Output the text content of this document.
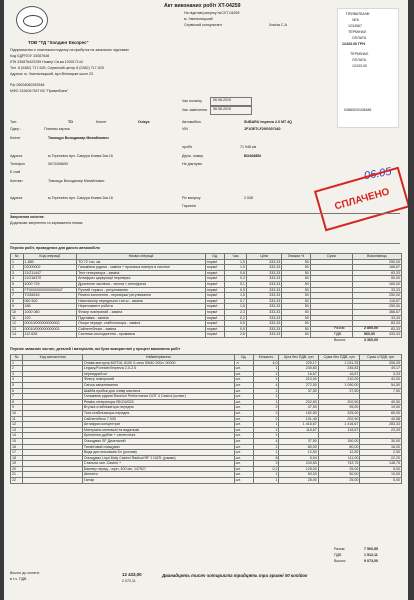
Акт виконаних робіт XT-04259
На підставі рахунку №СХТ-04259
м. Хмельницький
Сервісний консультант	Хом'як С.А
ТОВ "ТД "Холдинг Експрес"
Підприємство є платником податку на прибуток на загальних підставах
Код ЄДРПОУ 33087648
ІПН 330876422255 Номер Св-ва 100017144
Тел. 8 (0382) 717-525, Сервісний центр 8 (0382) 717-525
Адреса: м. Хмельницький, вул.Вінницьке шосе 23
Р/р 26004060392548
МФО 315405 ПАТ КБ "ПриватБанк"
Час початку	06.06.2019
Час закінчення 06.06.2019
Тип:	ТО	Клієнт	Очікує	Автомобіль	SUBARU impreza 2.0 MT 4Q
Одер.:	Платник картка	VIN	JF1GE7LF29G007440
Клієнт	Томощук Володимир Михайлович
пробіг	71 946 км
Адреса	м.Тернопіль вул. Самури Клима 2кв.16	Держ. номер	ВО4688ВІ
Телефон	0673406690	Не діагнуєм
E-mail
Контакт	Томощук Володимир Михайлович
Адреса	м.Тернопіль вул. Самури Клима 2кв.16	Рік випуску	2 008
Гарантія
ПРИВАТБАНК
ЧЕК
1234567
ТЕРМІНАЛ
ОПЛАТА
12433.00 ГРН
ТЕРМІНАЛ
ОПЛАТА
12433.00
0388003/V08486
06.05
СПЛАЧЕНО
Звернення клієнта:
Додаткове звернення та зауваження немає.
Перелік робіт, проведених для даного автомобіля
№	Код операції	Назва операції	Од.	Час	Ціна	Знижка %	Сума	Виконавець
1	1-880	ТО 72 тис. км	норм/г	1,5	333,33	50		250,00
2	02000002	Гальмівна рідина - заміна + прокачка повітря в системі	норм/г	1,0	333,33	50		166,67
3	11/211447	Тест генератора - заміна	норм/г	0,8	333,33	50		83,33
4	11/216470	Антифриз циркуляції перевірка	норм/г	0,3	333,33	50		50,00
5	4000 729	Дроселлю заслінки - чистка т антифриза	норм/г	0,1	333,33	50		160,00
6	FF00000000000000047	Ручний тормоз - регулювання	норм/г	0,5	333,33	50		33,33
7	TO84515	Ремені зчеплення - перевірка/ регулювання	норм/г	1,5	333,33	50		250,00
8	062 602	Нахил/колір переднього тип ш - заміна	норм/г	0,7	333,33	50		116,67
9	186	Нерегламент робота	норм/г	1,5	333,33	50		250,00
10	1000 080	Фільтр повітряний - заміна	норм/г	2,3	333,33	50		366,67
11	120	Підставка - заміна	норм/г	0,2	333,33	50		33,33
12	00010/000000000000	Опори передн. стабілізатора - заміна	норм/г	0,5	333,33	50		83,33
13	00010/000000000002	Сайлентблоки - заміна	норм/г	0,5	333,33	50		83,33
14	112 626	Система охолодження - промивка	норм/г	2,6	333,33	50		433,33
Разом:	2 800,00
ПДВ	560,00
Всього:	3 360,00
Перелік запасних частин, деталей і матеріалів, які були використані у процесі виконання робіт
№	Код запчастини	Найменування	Од.	Кількість	Ціна без ПДВ, грн	Сума без ПДВ, грн	Сума з ПДВ, грн
1		Олива моторна MOTUL 8100 X-cess 5W40 200л. 00000	.л	4,0	229,17	1 031,25	206,25
2		Legacy/Forester/Impreza 2,0-2,5	шт.	1	245,83	245,83	49,17
3		перехідний кл	шт.	1	16,67	16,67	3,33
4		Фільтр повітряний	шт.	1	210,00	210,00	42,00
5		Свічка запалювання	шт.	4	272,50	1 090,00	54,50
6		Шайба пробки для зливу мастила	шт.	1	37,50	37,50	7,50
7		Гальмівна рідина Ravenol Performance DOT 4 Castrol (шлянг)	шт.	1			
8		Ремінь генератора ISKO4/024	шт.	1	202,50	202,50	40,50
9		Втулка стабілізатора передня	шт.	2	47,50	95,00	19,00
10		Тяга стабілізатора передня	шт.	2	162,50	325,00	65,00
11		Сайлентблок 7.030	шт.	2	101,45	202,90	40,58
12		Антифриз концентрат	шт.	1	1 416,67	1 416,67	283,33
13		Матеріали монтажні та видаткові	шт.	1	116,67	116,67	23,33
14		Кріплення дрібне + сантехнічні	шт.	1			
15		Очищувач SF Дизельний	шт.	4	37,50	150,00	30,00
16		Тюнінговий очищувач	шт.	1	80,00	80,00	16,00
17		Вода дистильована 5л (розлив)	шт.	1	12,50	12,50	2,50
18		Очищувач Liqui Moly Castrol Radical RF 1 DATL (рамки)	шт.	8	5,94	111,00	22,20
19		Стальна зап. Castrol +	шт.	3	243,83	743,75	148,75
20		Бампер перед., чорн, 400 мл, 147527	шт.	0,2	125,00	25,00	5,00
21		Шплінти	шт.	1	50,00	50,00	10,00
22		Ганчір	шт.	1	25,00	25,00	5,00
Разом:	7 560,55
ПДВ	1 512,11
Всього:	9 073,00
Всього до сплати:
в т.ч. ПДВ
12 433,00
2 072,11
Дванадцять тисяч чотириста тридцять три гривні 00 копійок
